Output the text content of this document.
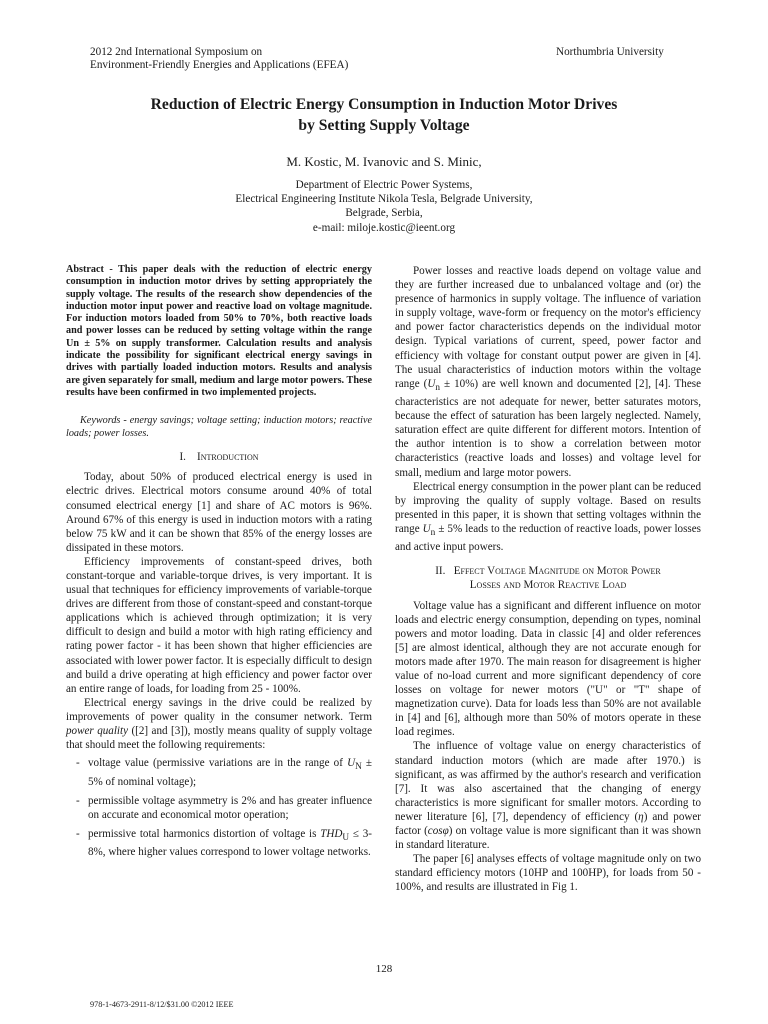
2012 2nd International Symposium on
Environment-Friendly Energies and Applications (EFEA)
Northumbria University
Reduction of Electric Energy Consumption in Induction Motor Drives
by Setting Supply Voltage
M. Kostic, M. Ivanovic and S. Minic,
Department of Electric Power Systems,
Electrical Engineering Institute Nikola Tesla, Belgrade University,
Belgrade, Serbia,
e-mail: miloje.kostic@ieent.org

Abstract - This paper deals with the reduction of electric energy consumption in induction motor drives by setting appropriately the supply voltage. The results of the research show dependencies of the induction motor input power and reactive load on voltage magnitude. For induction motors loaded from 50% to 70%, both reactive loads and power losses can be reduced by setting voltage within the range Un ± 5% on supply transformer. Calculation results and analysis indicate the possibility for significant electrical energy savings in drives with partially loaded induction motors. Results and analysis are given separately for small, medium and large motor powers. These results have been confirmed in two implemented projects.

Keywords - energy savings; voltage setting; induction motors; reactive loads; power losses.

I. Introduction

Today, about 50% of produced electrical energy is used in electric drives. Electrical motors consume around 40% of total consumed electrical energy [1] and share of AC motors is 96%. Around 67% of this energy is used in induction motors with a rating below 75 kW and it can be shown that 85% of the energy losses are dissipated in these motors.

Efficiency improvements of constant-speed drives, both constant-torque and variable-torque drives, is very important. It is usual that techniques for efficiency improvements of variable-torque drives are different from those of constant-speed and constant-torque applications which is achieved through optimization; it is very difficult to design and build a motor with high rating efficiency and rating power factor - it has been shown that higher efficiencies are associated with lower power factor. It is especially difficult to design and build a drive operating at high efficiency and power factor over an entire range of loads, for loading from 25 - 100%.

Electrical energy savings in the drive could be realized by improvements of power quality in the consumer network. Term power quality ([2] and [3]), mostly means quality of supply voltage that should meet the following requirements:

- voltage value (permissive variations are in the range of $U_N \pm 5\%$ of nominal voltage);
- permissible voltage asymmetry is 2% and has greater influence on accurate and economical motor operation;
- permissive total harmonics distortion of voltage is $THD_U \le 3-8\%$, where higher values correspond to lower voltage networks.

Power losses and reactive loads depend on voltage value and they are further increased due to unbalanced voltage and (or) the presence of harmonics in supply voltage. The influence of variation in supply voltage, wave-form or frequency on the motor's efficiency and power factor characteristics depends on the individual motor design. Typical variations of current, speed, power factor and efficiency with voltage for constant output power are given in [4]. The usual characteristics of induction motors within the voltage range $(U_n \pm 10\%)$ are well known and documented [2], [4]. These characteristics are not adequate for newer, better saturates motors, because the effect of saturation has been largely neglected. Namely, saturation effect are quite different for different motors. Intention of the author intention is to show a correlation between motor characteristics (reactive loads and losses) and voltage level for small, medium and large motor powers.

Electrical energy consumption in the power plant can be reduced by improving the quality of supply voltage. Based on results presented in this paper, it is shown that setting voltages withnin the range $U_n \pm 5\%$ leads to the reduction of reactive loads, power losses and active input powers.

II. Effect Voltage Magnitude on Motor Power
Losses and Motor Reactive Load

Voltage value has a significant and different influence on motor loads and electric energy consumption, depending on types, nominal powers and motor loading. Data in classic [4] and older references [5] are almost identical, although they are not accurate enough for motors made after 1970. The main reason for disagreement is higher value of no-load current and more significant dependency of core losses on voltage for newer motors ("U" or "T" shape of magnetization curve). Data for loads less than 50% are not available in [4] and [6], although more than 50% of motors operate in these load regimes.

The influence of voltage value on energy characteristics of standard induction motors (which are made after 1970.) is significant, as was affirmed by the author's research and verification [7]. It was also ascertained that the changing of energy characteristics is more significant for smaller motors. According to newer literature [6], [7], dependency of efficiency (η) and power factor (cosφ) on voltage value is more significant than it was shown in standard literature.

The paper [6] analyses effects of voltage magnitude only on two standard efficiency motors (10HP and 100HP), for loads from 50 - 100%, and results are illustrated in Fig 1.

128
978-1-4673-2911-8/12/$31.00 ©2012 IEEE
